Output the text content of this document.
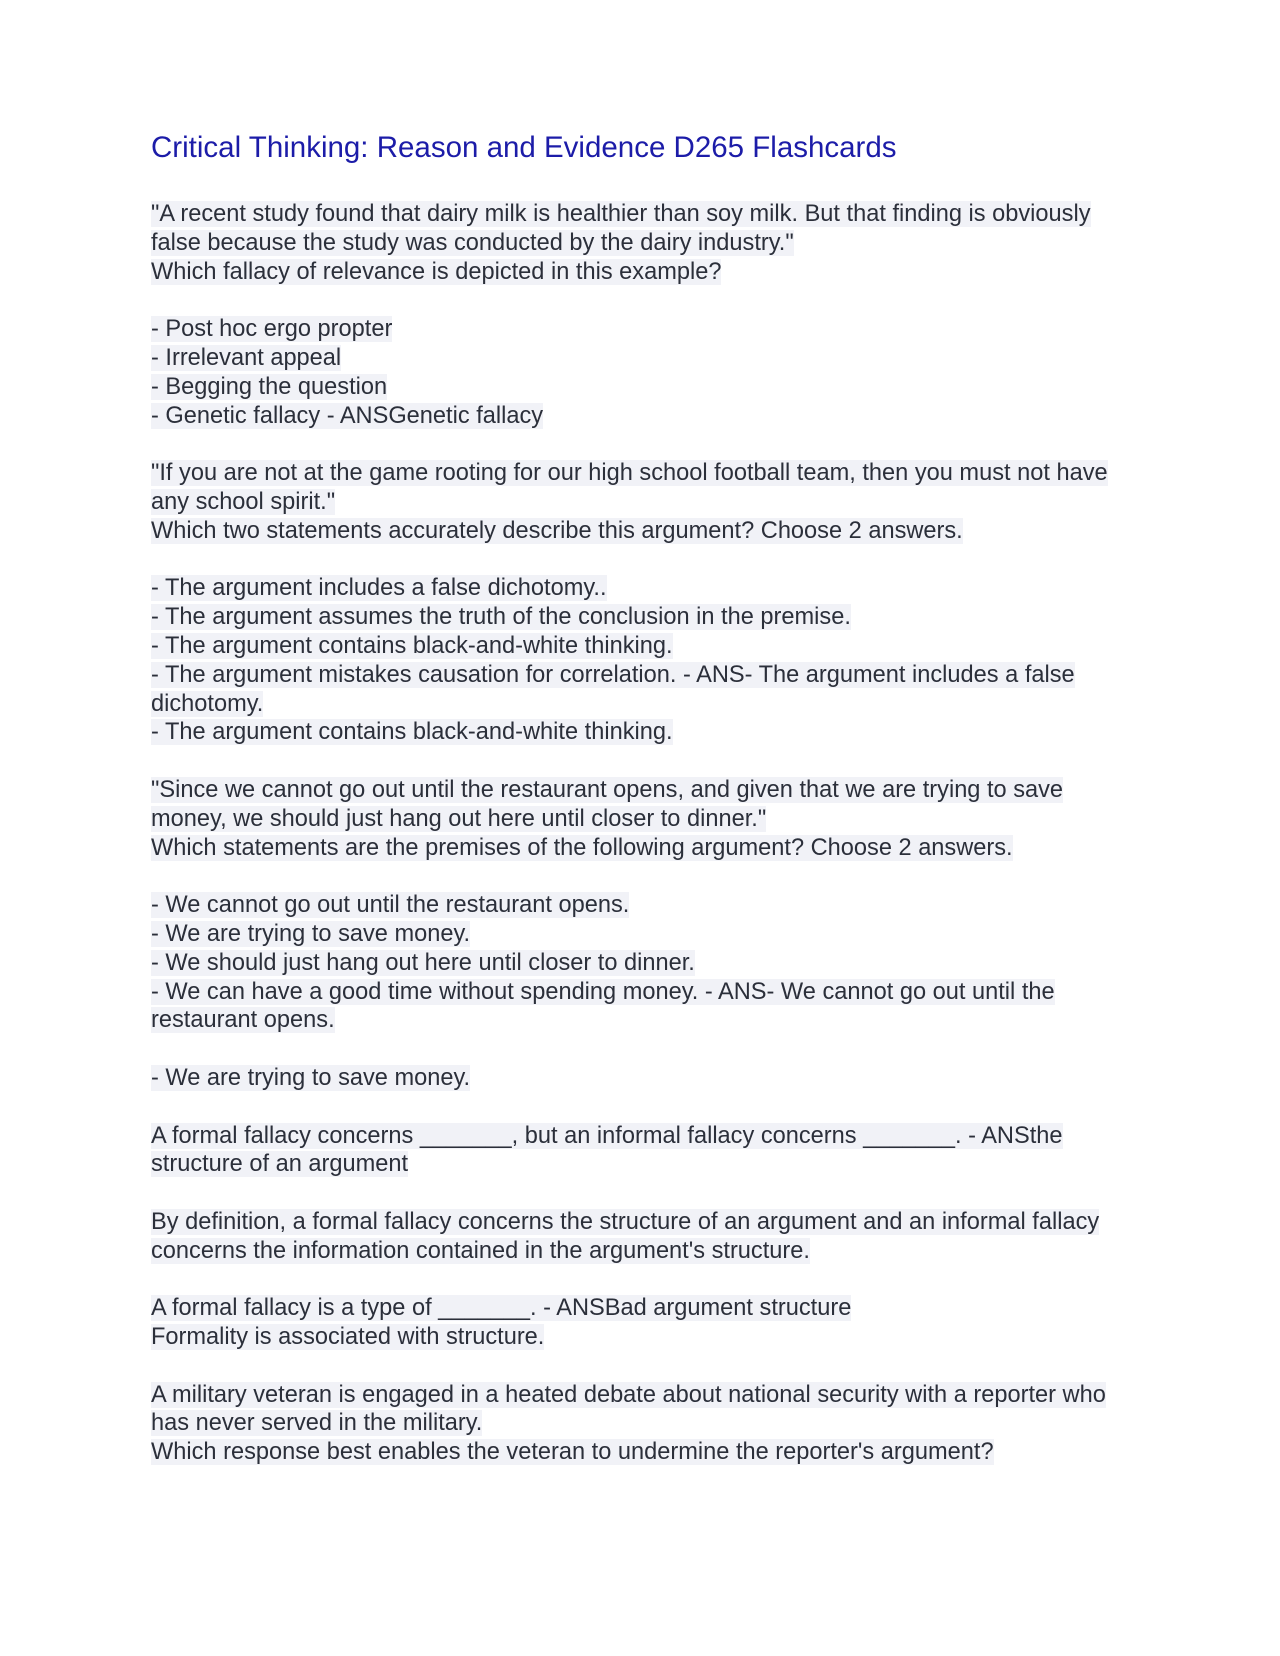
Critical Thinking: Reason and Evidence D265 Flashcards
"A recent study found that dairy milk is healthier than soy milk. But that finding is obviously false because the study was conducted by the dairy industry."
Which fallacy of relevance is depicted in this example?
- Post hoc ergo propter
- Irrelevant appeal
- Begging the question
- Genetic fallacy - ANSGenetic fallacy
"If you are not at the game rooting for our high school football team, then you must not have any school spirit."
Which two statements accurately describe this argument? Choose 2 answers.
- The argument includes a false dichotomy..
- The argument assumes the truth of the conclusion in the premise.
- The argument contains black-and-white thinking.
- The argument mistakes causation for correlation. - ANS- The argument includes a false dichotomy.
- The argument contains black-and-white thinking.
"Since we cannot go out until the restaurant opens, and given that we are trying to save money, we should just hang out here until closer to dinner."
Which statements are the premises of the following argument? Choose 2 answers.
- We cannot go out until the restaurant opens.
- We are trying to save money.
- We should just hang out here until closer to dinner.
- We can have a good time without spending money. - ANS- We cannot go out until the restaurant opens.
- We are trying to save money.
A formal fallacy concerns _______, but an informal fallacy concerns _______. - ANSthe structure of an argument
By definition, a formal fallacy concerns the structure of an argument and an informal fallacy concerns the information contained in the argument's structure.
A formal fallacy is a type of _______. - ANSBad argument structure
Formality is associated with structure.
A military veteran is engaged in a heated debate about national security with a reporter who has never served in the military.
Which response best enables the veteran to undermine the reporter's argument?
